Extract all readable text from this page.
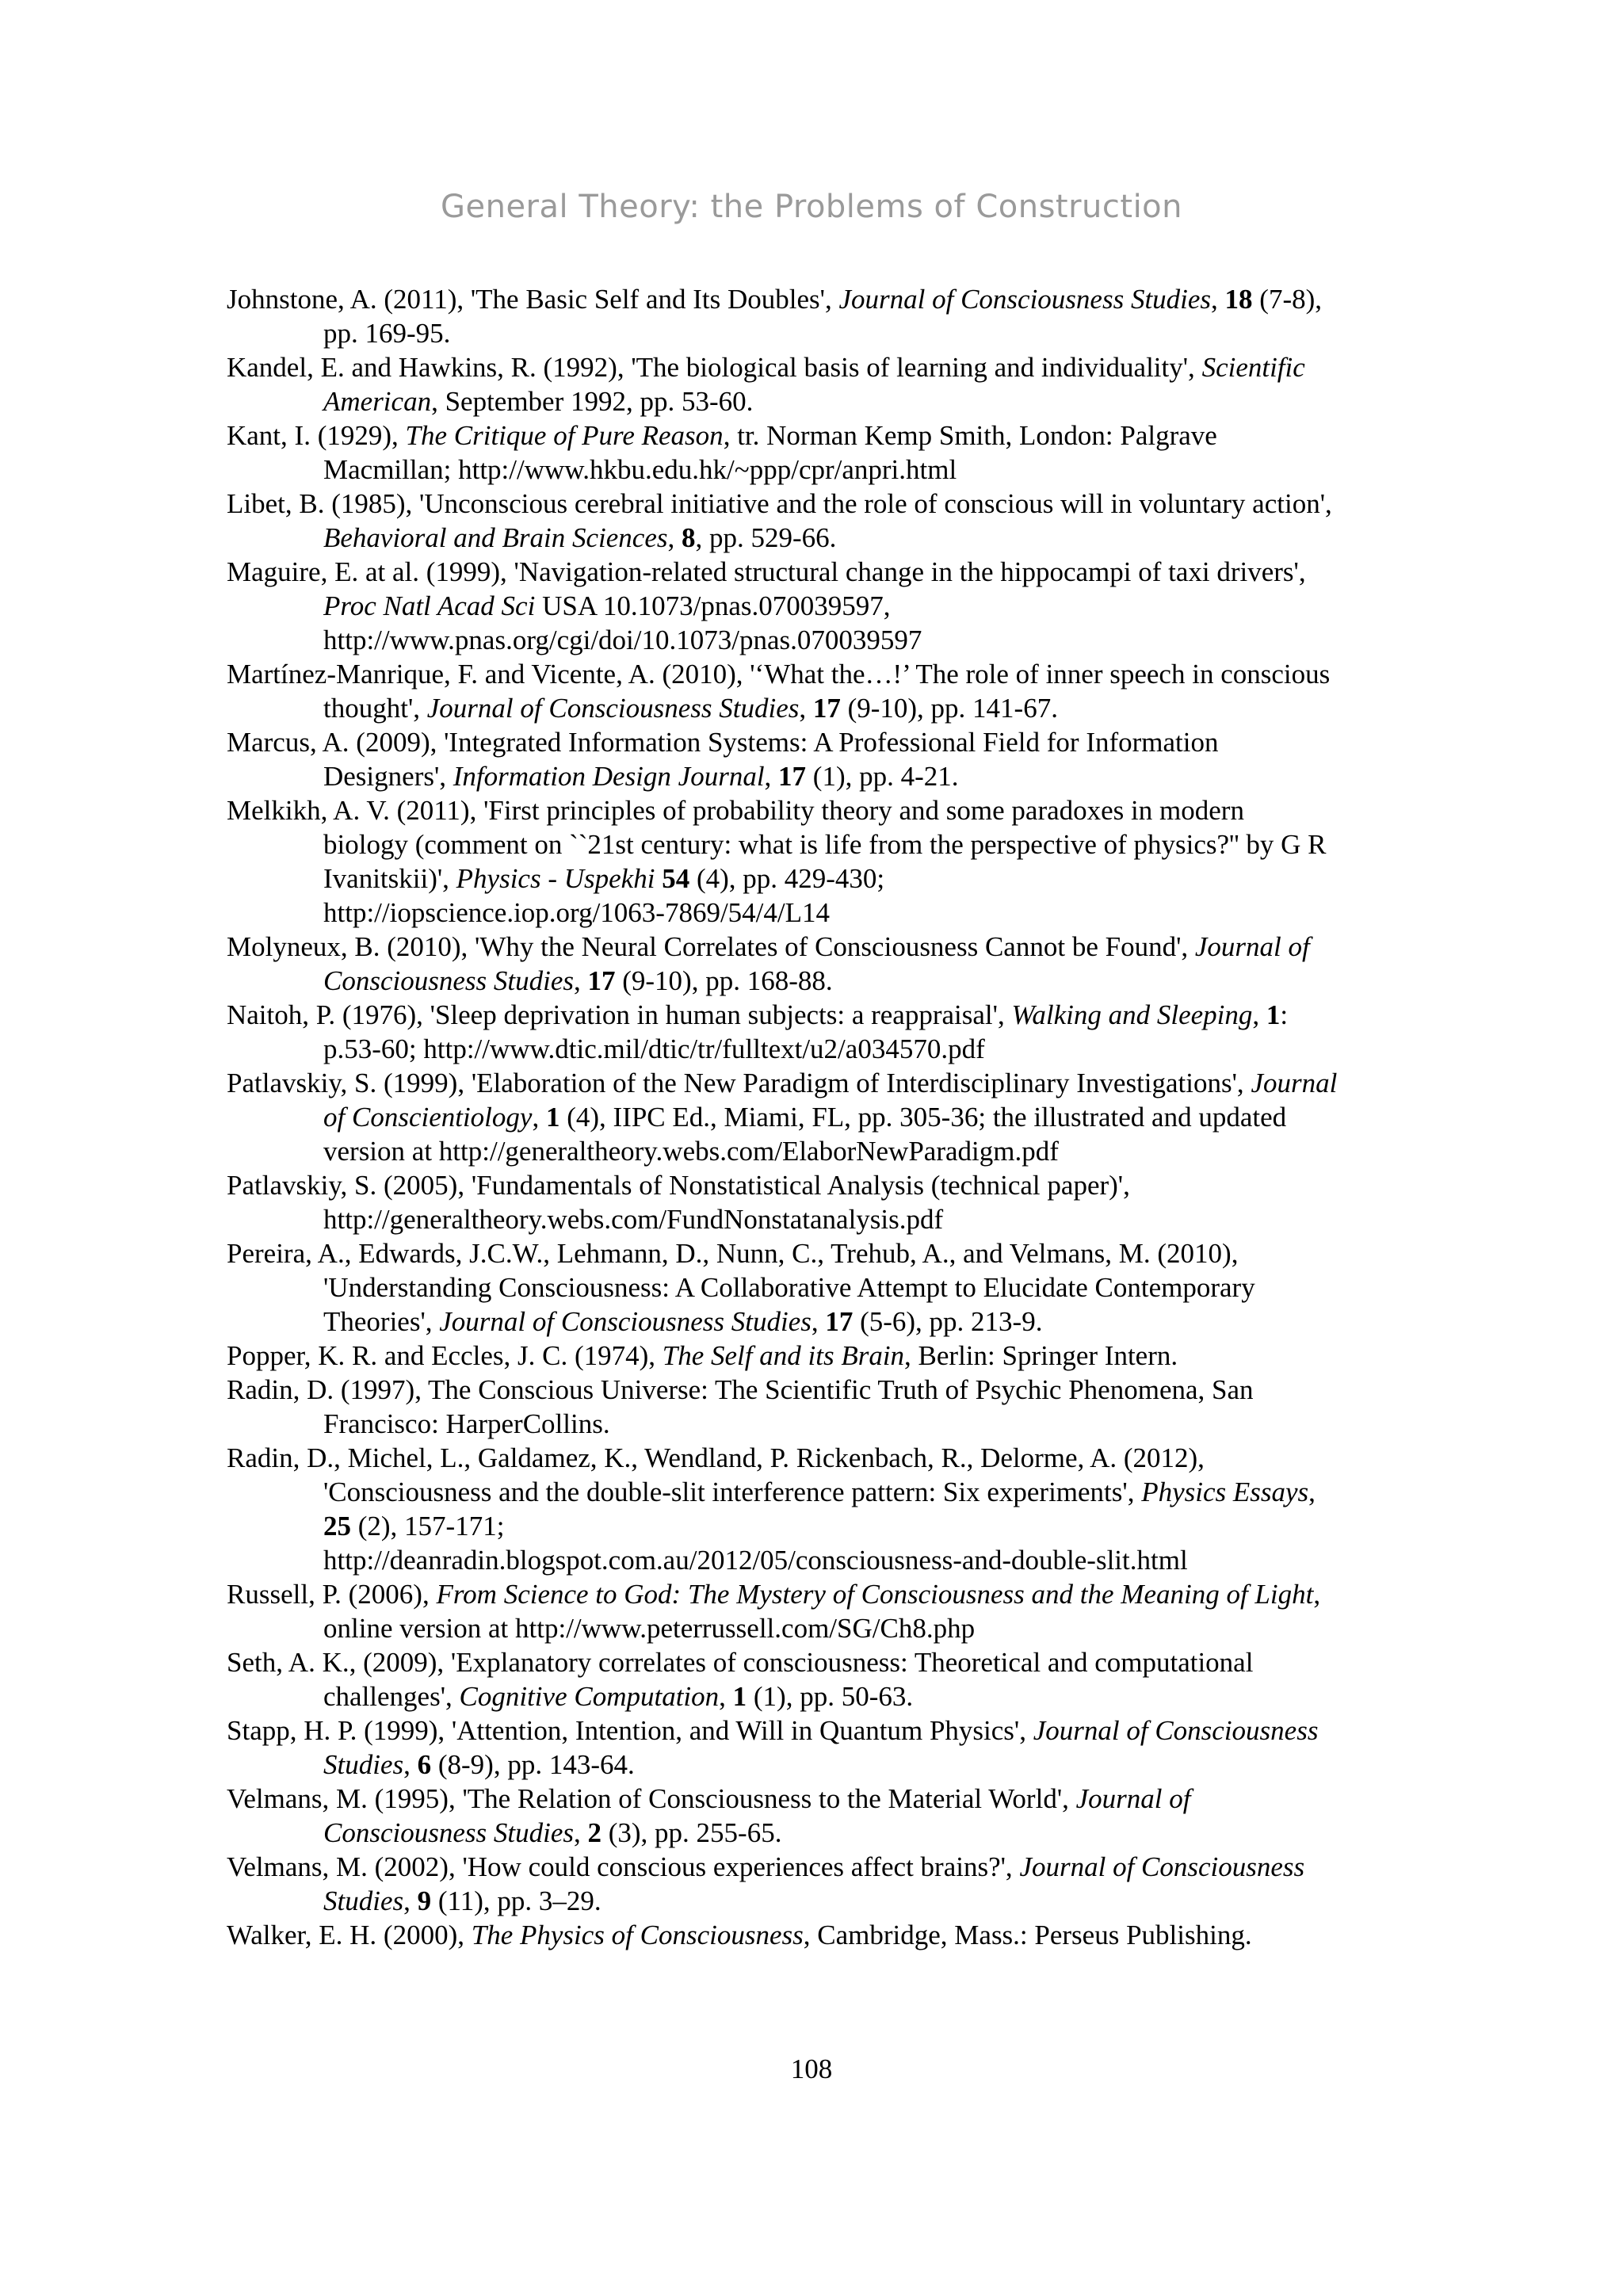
General Theory: the Problems of Construction

Johnstone, A. (2011), 'The Basic Self and Its Doubles', Journal of Consciousness Studies, 18 (7-8),
pp. 169-95.

Kandel, E. and Hawkins, R. (1992), 'The biological basis of learning and individuality', Scientific
American, September 1992, pp. 53-60.

Kant, I. (1929), The Critique of Pure Reason, tr. Norman Kemp Smith, London: Palgrave
Macmillan; http://www.hkbu.edu.hk/~ppp/cpr/anpri.html

Libet, B. (1985), 'Unconscious cerebral initiative and the role of conscious will in voluntary action',
Behavioral and Brain Sciences, 8, pp. 529-66.

Maguire, E. at al. (1999), 'Navigation-related structural change in the hippocampi of taxi drivers',
Proc Natl Acad Sci USA 10.1073/pnas.070039597,
http://www.pnas.org/cgi/doi/10.1073/pnas.070039597

Martínez-Manrique, F. and Vicente, A. (2010), '‘What the…!’ The role of inner speech in conscious
thought', Journal of Consciousness Studies, 17 (9-10), pp. 141-67.

Marcus, A. (2009), 'Integrated Information Systems: A Professional Field for Information
Designers', Information Design Journal, 17 (1), pp. 4-21.

Melkikh, A. V. (2011), 'First principles of probability theory and some paradoxes in modern
biology (comment on ``21st century: what is life from the perspective of physics?'' by G R
Ivanitskii)', Physics - Uspekhi 54 (4), pp. 429-430;
http://iopscience.iop.org/1063-7869/54/4/L14

Molyneux, B. (2010), 'Why the Neural Correlates of Consciousness Cannot be Found', Journal of
Consciousness Studies, 17 (9-10), pp. 168-88.

Naitoh, P. (1976), 'Sleep deprivation in human subjects: a reappraisal', Walking and Sleeping, 1:
p.53-60; http://www.dtic.mil/dtic/tr/fulltext/u2/a034570.pdf

Patlavskiy, S. (1999), 'Elaboration of the New Paradigm of Interdisciplinary Investigations', Journal
of Conscientiology, 1 (4), IIPC Ed., Miami, FL, pp. 305-36; the illustrated and updated
version at http://generaltheory.webs.com/ElaborNewParadigm.pdf

Patlavskiy, S. (2005), 'Fundamentals of Nonstatistical Analysis (technical paper)',
http://generaltheory.webs.com/FundNonstatanalysis.pdf

Pereira, A., Edwards, J.C.W., Lehmann, D., Nunn, C., Trehub, A., and Velmans, M. (2010),
'Understanding Consciousness: A Collaborative Attempt to Elucidate Contemporary
Theories', Journal of Consciousness Studies, 17 (5-6), pp. 213-9.

Popper, K. R. and Eccles, J. C. (1974), The Self and its Brain, Berlin: Springer Intern.

Radin, D. (1997), The Conscious Universe: The Scientific Truth of Psychic Phenomena, San
Francisco: HarperCollins.

Radin, D., Michel, L., Galdamez, K., Wendland, P. Rickenbach, R., Delorme, A. (2012),
'Consciousness and the double-slit interference pattern: Six experiments', Physics Essays,
25 (2), 157-171;
http://deanradin.blogspot.com.au/2012/05/consciousness-and-double-slit.html

Russell, P. (2006), From Science to God: The Mystery of Consciousness and the Meaning of Light,
online version at http://www.peterrussell.com/SG/Ch8.php

Seth, A. K., (2009), 'Explanatory correlates of consciousness: Theoretical and computational
challenges', Cognitive Computation, 1 (1), pp. 50-63.

Stapp, H. P. (1999), 'Attention, Intention, and Will in Quantum Physics', Journal of Consciousness
Studies, 6 (8-9), pp. 143-64.

Velmans, M. (1995), 'The Relation of Consciousness to the Material World', Journal of
Consciousness Studies, 2 (3), pp. 255-65.

Velmans, M. (2002), 'How could conscious experiences affect brains?', Journal of Consciousness
Studies, 9 (11), pp. 3–29.

Walker, E. H. (2000), The Physics of Consciousness, Cambridge, Mass.: Perseus Publishing.

108
